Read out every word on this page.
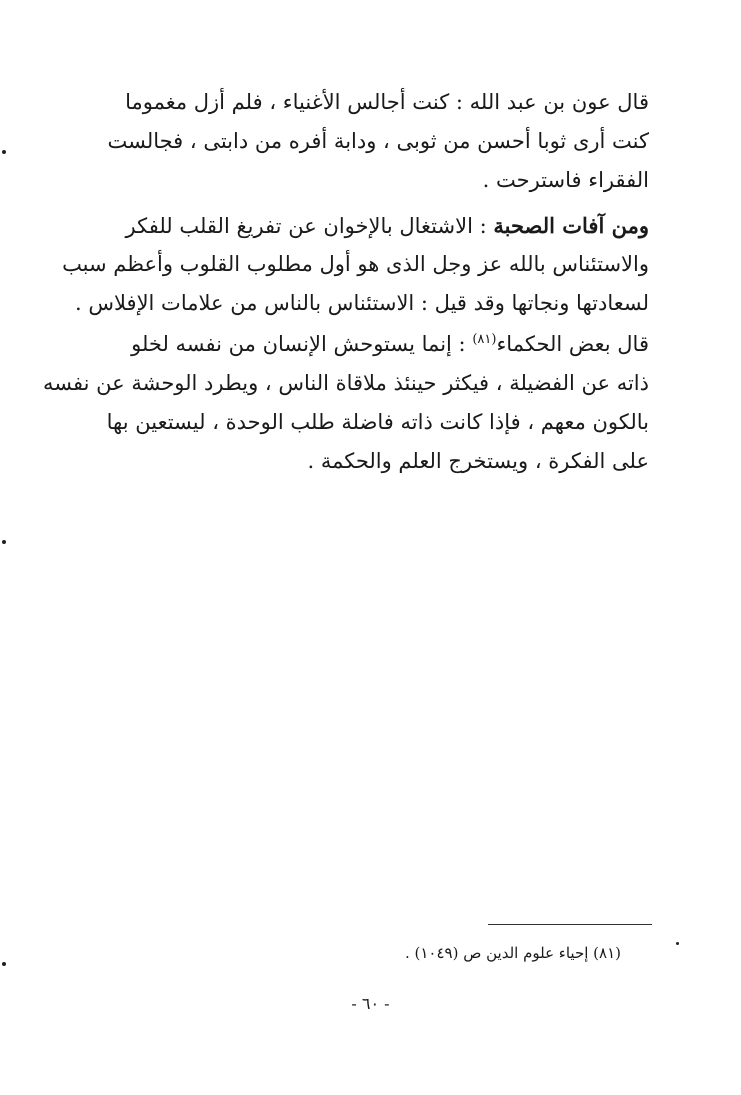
قال عون بن عبد الله : كنت أجالس الأغنياء ، فلم أزل مغموما
كنت أرى ثوبا أحسن من ثوبى ، ودابة أفره من دابتى ، فجالست
الفقراء فاسترحت .
ومن آفات الصحبة : الاشتغال بالإخوان عن تفريغ القلب للفكر
والاستئناس بالله عز وجل الذى هو أول مطلوب القلوب وأعظم سبب
لسعادتها ونجاتها وقد قيل : الاستئناس بالناس من علامات الإفلاس .
قال بعض الحكماء$^{(٨١)}$ : إنما يستوحش الإنسان من نفسه لخلو
ذاته عن الفضيلة ، فيكثر حينئذ ملاقاة الناس ، ويطرد الوحشة عن نفسه
بالكون معهم ، فإذا كانت ذاته فاضلة طلب الوحدة ، ليستعين بها
على الفكرة ، ويستخرج العلم والحكمة .
(٨١) إحياء علوم الدين ص (١٠٤٩) .
- ٦٠ -
